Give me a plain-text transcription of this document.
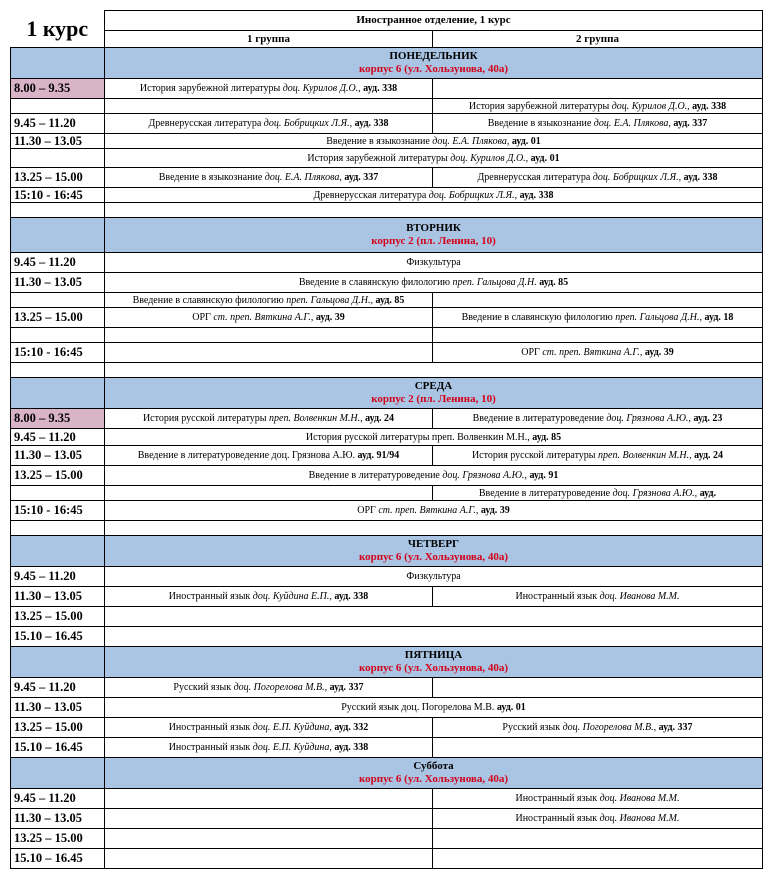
1 курс	Иностранное отделение, 1 курс	
	1 группа	2 группа

	ПОНЕДЕЛЬНИК
корпус 6 (ул. Хользунова, 40а)	

8.00 – 9.35	История зарубежной литературы доц. Курилов Д.О., ауд. 338	
		История зарубежной литературы доц. Курилов Д.О., ауд. 338
9.45 – 11.20	Древнерусская литература доц. Бобрицких Л.Я., ауд. 338	Введение в языкознание доц. Е.А. Плякова, ауд. 337
11.30 – 13.05	Введение в языкознание доц. Е.А. Плякова, ауд. 01	
	История зарубежной литературы доц. Курилов Д.О., ауд. 01	
13.25 – 15.00	Введение в языкознание доц. Е.А. Плякова, ауд. 337	Древнерусская литература доц. Бобрицких Л.Я., ауд. 338
15:10 - 16:45	Древнерусская литература доц. Бобрицких Л.Я., ауд. 338	

	ВТОРНИК
корпус 2 (пл. Ленина, 10)	

9.45 – 11.20	Физкультура	
11.30 – 13.05	Введение в славянскую филологию преп. Гальцова Д.Н. ауд. 85	
	Введение в славянскую филологию преп. Гальцова Д.Н., ауд. 85	
13.25 – 15.00	ОРГ ст. преп. Вяткина А.Г., ауд. 39	Введение в славянскую филологию преп. Гальцова Д.Н., ауд. 18

15:10 - 16:45		ОРГ ст. преп. Вяткина А.Г., ауд. 39

	СРЕДА
корпус 2 (пл. Ленина, 10)	

8.00 – 9.35	История русской литературы преп. Волвенкин М.Н., ауд. 24	Введение в литературоведение доц. Грязнова А.Ю., ауд. 23
9.45 – 11.20	История русской литературы преп. Волвенкин М.Н., ауд. 85	
11.30 – 13.05	Введение в литературоведение доц. Грязнова А.Ю. ауд. 91/94	История русской литературы преп. Волвенкин М.Н., ауд. 24
13.25 – 15.00	Введение в литературоведение доц. Грязнова А.Ю., ауд. 91	
		Введение в литературоведение доц. Грязнова А.Ю., ауд.
15:10 - 16:45	ОРГ ст. преп. Вяткина А.Г., ауд. 39	

	ЧЕТВЕРГ
корпус 6 (ул. Хользунова, 40а)	

9.45 – 11.20	Физкультура	
11.30 – 13.05	Иностранный язык доц. Куйдина Е.П., ауд. 338	Иностранный язык доц. Иванова М.М.
13.25 – 15.00		
15.10 – 16.45		

	ПЯТНИЦА
корпус 6 (ул. Хользунова, 40а)	

9.45 – 11.20	Русский язык доц. Погорелова М.В., ауд. 337	
11.30 – 13.05	Русский язык доц. Погорелова М.В. ауд. 01	
13.25 – 15.00	Иностранный язык доц. Е.П. Куйдина, ауд. 332	Русский язык доц. Погорелова М.В., ауд. 337
15.10 – 16.45	Иностранный язык доц. Е.П. Куйдина, ауд. 338	

	Суббота
корпус 6 (ул. Хользунова, 40а)	

9.45 – 11.20		Иностранный язык доц. Иванова М.М.
11.30 – 13.05		Иностранный язык доц. Иванова М.М.
13.25 – 15.00		
15.10 – 16.45		
